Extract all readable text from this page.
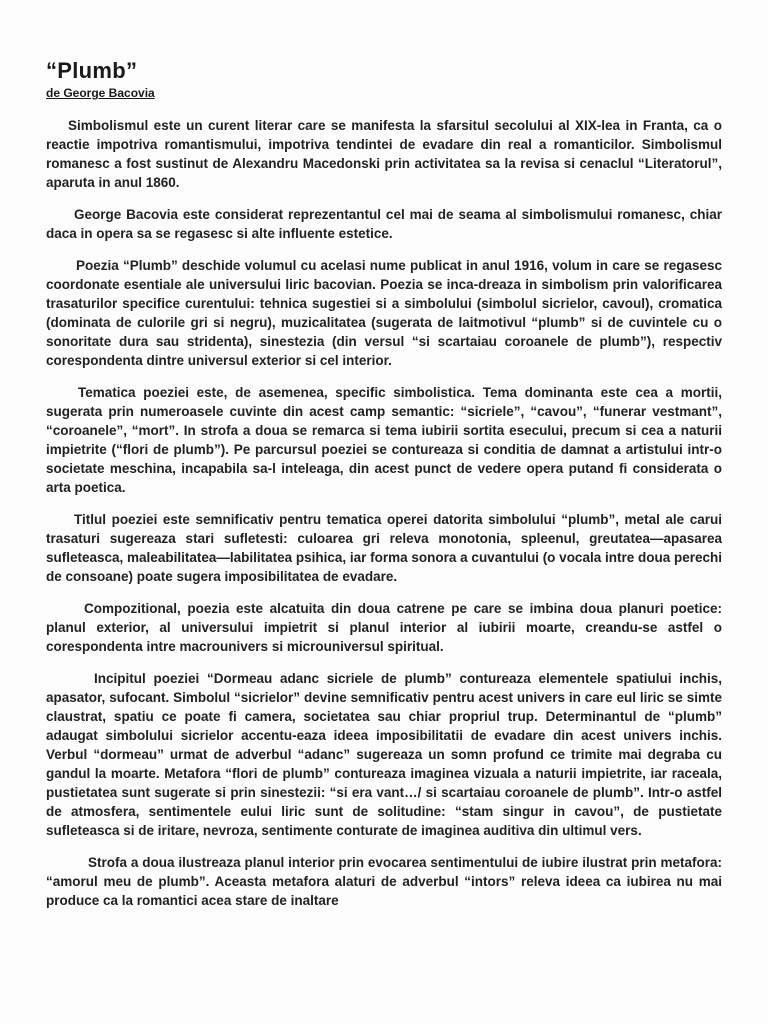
“Plumb”
de George Bacovia

Simbolismul este un curent literar care se manifesta la sfarsitul secolului al XIX-lea in Franta, ca o reactie impotriva romantismului, impotriva tendintei de evadare din real a romanticilor. Simbolismul romanesc a fost sustinut de Alexandru Macedonski prin activitatea sa la revisa si cenaclul “Literatorul”, aparuta in anul 1860.

George Bacovia este considerat reprezentantul cel mai de seama al simbolismului romanesc, chiar daca in opera sa se regasesc si alte influente estetice.

Poezia “Plumb” deschide volumul cu acelasi nume publicat in anul 1916, volum in care se regasesc coordonate esentiale ale universului liric bacovian. Poezia se inca-dreaza in simbolism prin valorificarea trasaturilor specifice curentului: tehnica sugestiei si a simbolului (simbolul sicrielor, cavoul), cromatica (dominata de culorile gri si negru), muzicalitatea (sugerata de laitmotivul “plumb” si de cuvintele cu o sonoritate dura sau stridenta), sinestezia (din versul “si scartaiau coroanele de plumb”), respectiv corespondenta dintre universul exterior si cel interior.

Tematica poeziei este, de asemenea, specific simbolistica. Tema dominanta este cea a mortii, sugerata prin numeroasele cuvinte din acest camp semantic: “sicriele”, “cavou”, “funerar vestmant”, “coroanele”, “mort”. In strofa a doua se remarca si tema iubirii sortita esecului, precum si cea a naturii impietrite (“flori de plumb”). Pe parcursul poeziei se contureaza si conditia de damnat a artistului intr-o societate meschina, incapabila sa-l inteleaga, din acest punct de vedere opera putand fi considerata o arta poetica.

Titlul poeziei este semnificativ pentru tematica operei datorita simbolului “plumb”, metal ale carui trasaturi sugereaza stari sufletesti: culoarea gri releva monotonia, spleenul, greutatea—apasarea sufleteasca, maleabilitatea—labilitatea psihica, iar forma sonora a cuvantului (o vocala intre doua perechi de consoane) poate sugera imposibilitatea de evadare.

Compozitional, poezia este alcatuita din doua catrene pe care se imbina doua planuri poetice: planul exterior, al universului impietrit si planul interior al iubirii moarte, creandu-se astfel o corespondenta intre macrounivers si microuniversul spiritual.

Incipitul poeziei “Dormeau adanc sicriele de plumb” contureaza elementele spatiului inchis, apasator, sufocant. Simbolul “sicrielor” devine semnificativ pentru acest univers in care eul liric se simte claustrat, spatiu ce poate fi camera, societatea sau chiar propriul trup. Determinantul de “plumb” adaugat simbolului sicrielor accentu-eaza ideea imposibilitatii de evadare din acest univers inchis. Verbul “dormeau” urmat de adverbul “adanc” sugereaza un somn profund ce trimite mai degraba cu gandul la moarte. Metafora “flori de plumb” contureaza imaginea vizuala a naturii impietrite, iar raceala, pustietatea sunt sugerate si prin sinestezii: “si era vant…/ si scartaiau coroanele de plumb”. Intr-o astfel de atmosfera, sentimentele eului liric sunt de solitudine: “stam singur in cavou”, de pustietate sufleteasca si de iritare, nevroza, sentimente conturate de imaginea auditiva din ultimul vers.

Strofa a doua ilustreaza planul interior prin evocarea sentimentului de iubire ilustrat prin metafora: “amorul meu de plumb”. Aceasta metafora alaturi de adverbul “intors” releva ideea ca iubirea nu mai produce ca la romantici acea stare de inaltare
